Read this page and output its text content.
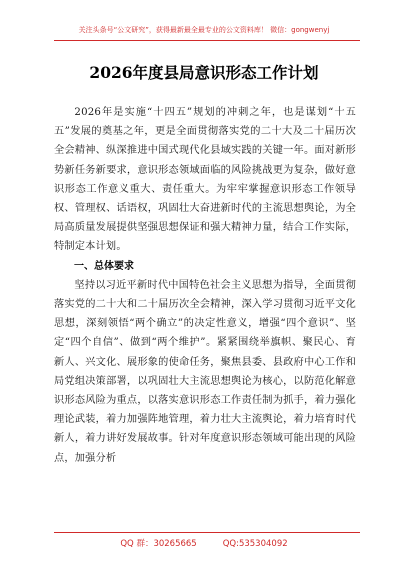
关注头条号“公文研究”，获得最新最全最专业的公文资料库！ 微信：gongwenyj
2026年度县局意识形态工作计划

2026年是实施“十四五”规划的冲刺之年，也是谋划“十五五”发展的奠基之年，更是全面贯彻落实党的二十大及二十届历次全会精神、纵深推进中国式现代化县域实践的关键一年。面对新形势新任务新要求，意识形态领域面临的风险挑战更为复杂，做好意识形态工作意义重大、责任重大。为牢牢掌握意识形态工作领导权、管理权、话语权，巩固壮大奋进新时代的主流思想舆论，为全局高质量发展提供坚强思想保证和强大精神力量，结合工作实际，特制定本计划。

一、总体要求

坚持以习近平新时代中国特色社会主义思想为指导，全面贯彻落实党的二十大和二十届历次全会精神，深入学习贯彻习近平文化思想，深刻领悟“两个确立”的决定性意义，增强“四个意识”、坚定“四个自信”、做到“两个维护”。紧紧围绕举旗帜、聚民心、育新人、兴文化、展形象的使命任务，聚焦县委、县政府中心工作和局党组决策部署，以巩固壮大主流思想舆论为核心，以防范化解意识形态风险为重点，以落实意识形态工作责任制为抓手，着力强化理论武装，着力加强阵地管理，着力壮大主流舆论，着力培育时代新人，着力讲好发展故事。针对年度意识形态领域可能出现的风险点，加强分析

QQ 群：30265665	QQ:535304092
